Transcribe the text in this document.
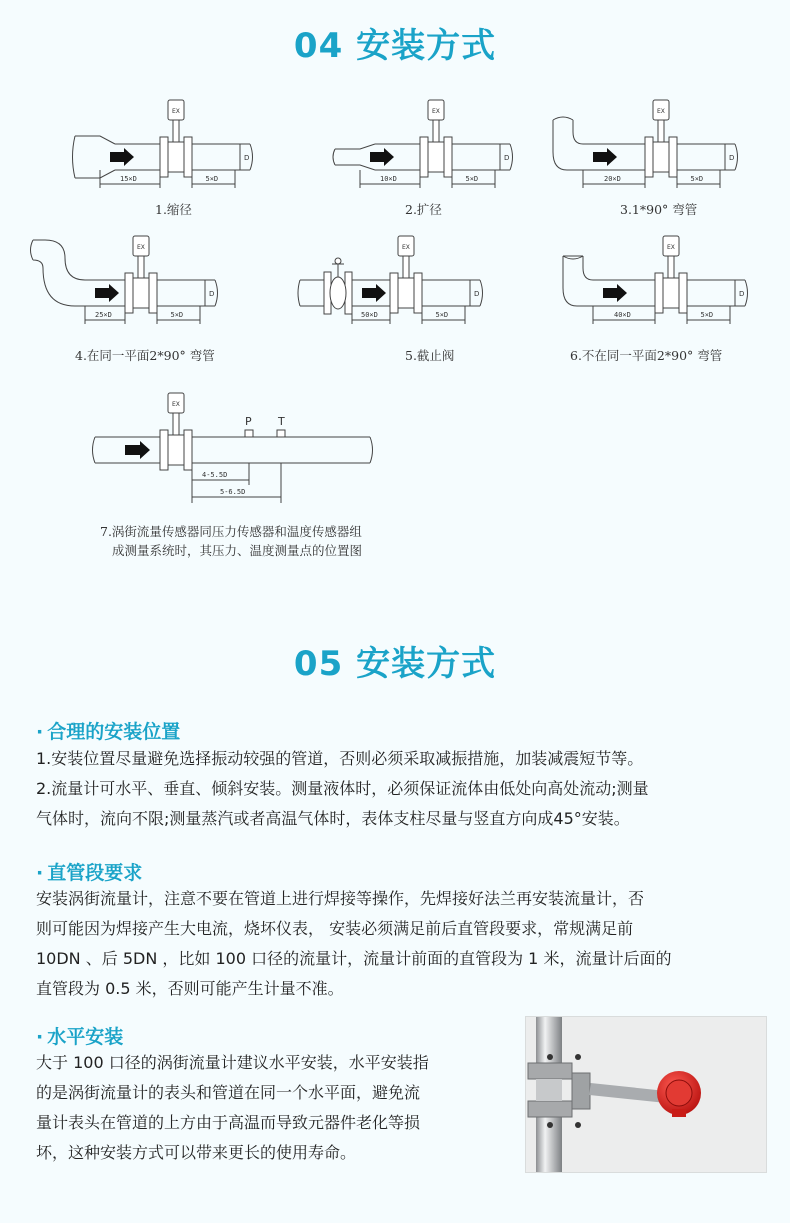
04 安装方式
EX
D
15×D	5×D
1.缩径
EX
D
10×D	5×D
2.扩径
EX
D
20×D	5×D
3.1*90° 弯管
EX
D
25×D	5×D
4.在同一平面2*90° 弯管
EX
D
50×D	5×D
5.截止阀
EX
D
40×D	5×D
6.不在同一平面2*90° 弯管
EX
P T
4-5.5D
5-6.5D
7.涡街流量传感器同压力传感器和温度传感器组
成测量系统时，其压力、温度测量点的位置图
05 安装方式
· 合理的安装位置
1.安装位置尽量避免选择振动较强的管道，否则必须采取减振措施，加装减震短节等。
2.流量计可水平、垂直、倾斜安装。测量液体时，必须保证流体由低处向高处流动;测量
气体时，流向不限;测量蒸汽或者高温气体时，表体支柱尽量与竖直方向成45°安装。
· 直管段要求
安装涡街流量计，注意不要在管道上进行焊接等操作，先焊接好法兰再安装流量计，否
则可能因为焊接产生大电流，烧坏仪表， 安装必须满足前后直管段要求，常规满足前
10DN 、后 5DN ，比如 100 口径的流量计，流量计前面的直管段为 1 米，流量计后面的
直管段为 0.5 米，否则可能产生计量不准。
· 水平安装
大于 100 口径的涡街流量计建议水平安装，水平安装指
的是涡街流量计的表头和管道在同一个水平面，避免流
量计表头在管道的上方由于高温而导致元器件老化等损
坏，这种安装方式可以带来更长的使用寿命。
